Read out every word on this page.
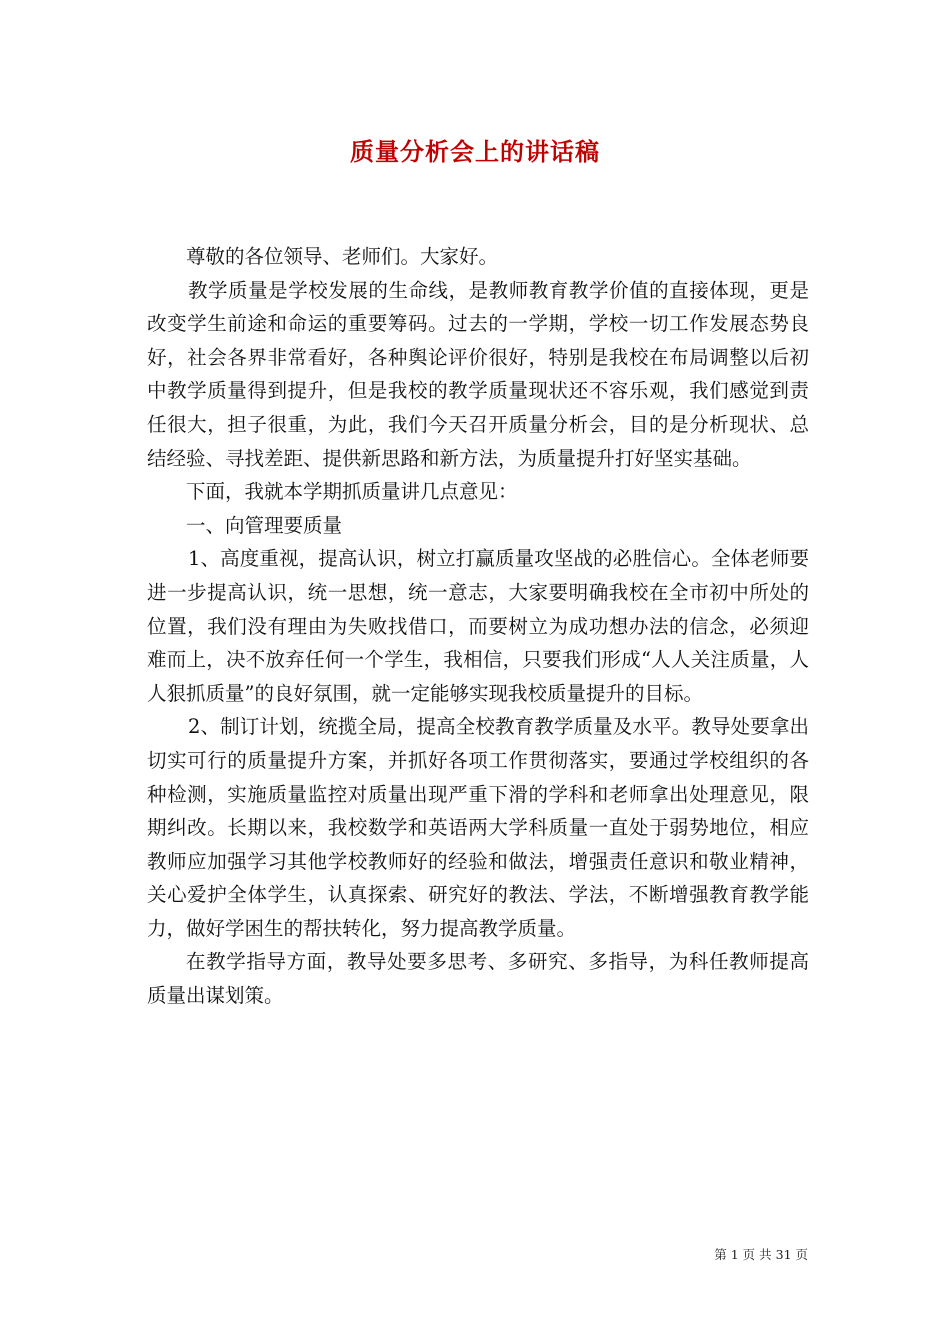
质量分析会上的讲话稿

尊敬的各位领导、老师们。大家好。

教学质量是学校发展的生命线，是教师教育教学价值的直接体现，更是改变学生前途和命运的重要筹码。过去的一学期，学校一切工作发展态势良好，社会各界非常看好，各种舆论评价很好，特别是我校在布局调整以后初中教学质量得到提升，但是我校的教学质量现状还不容乐观，我们感觉到责任很大，担子很重，为此，我们今天召开质量分析会，目的是分析现状、总结经验、寻找差距、提供新思路和新方法，为质量提升打好坚实基础。

下面，我就本学期抓质量讲几点意见：

一、向管理要质量

1、高度重视，提高认识，树立打赢质量攻坚战的必胜信心。全体老师要进一步提高认识，统一思想，统一意志，大家要明确我校在全市初中所处的位置，我们没有理由为失败找借口，而要树立为成功想办法的信念，必须迎难而上，决不放弃任何一个学生，我相信，只要我们形成“人人关注质量，人人狠抓质量”的良好氛围，就一定能够实现我校质量提升的目标。

2、制订计划，统揽全局，提高全校教育教学质量及水平。教导处要拿出切实可行的质量提升方案，并抓好各项工作贯彻落实，要通过学校组织的各种检测，实施质量监控对质量出现严重下滑的学科和老师拿出处理意见，限期纠改。长期以来，我校数学和英语两大学科质量一直处于弱势地位，相应教师应加强学习其他学校教师好的经验和做法，增强责任意识和敬业精神，关心爱护全体学生，认真探索、研究好的教法、学法，不断增强教育教学能力，做好学困生的帮扶转化，努力提高教学质量。

在教学指导方面，教导处要多思考、多研究、多指导，为科任教师提高质量出谋划策。

第 1 页 共 31 页
